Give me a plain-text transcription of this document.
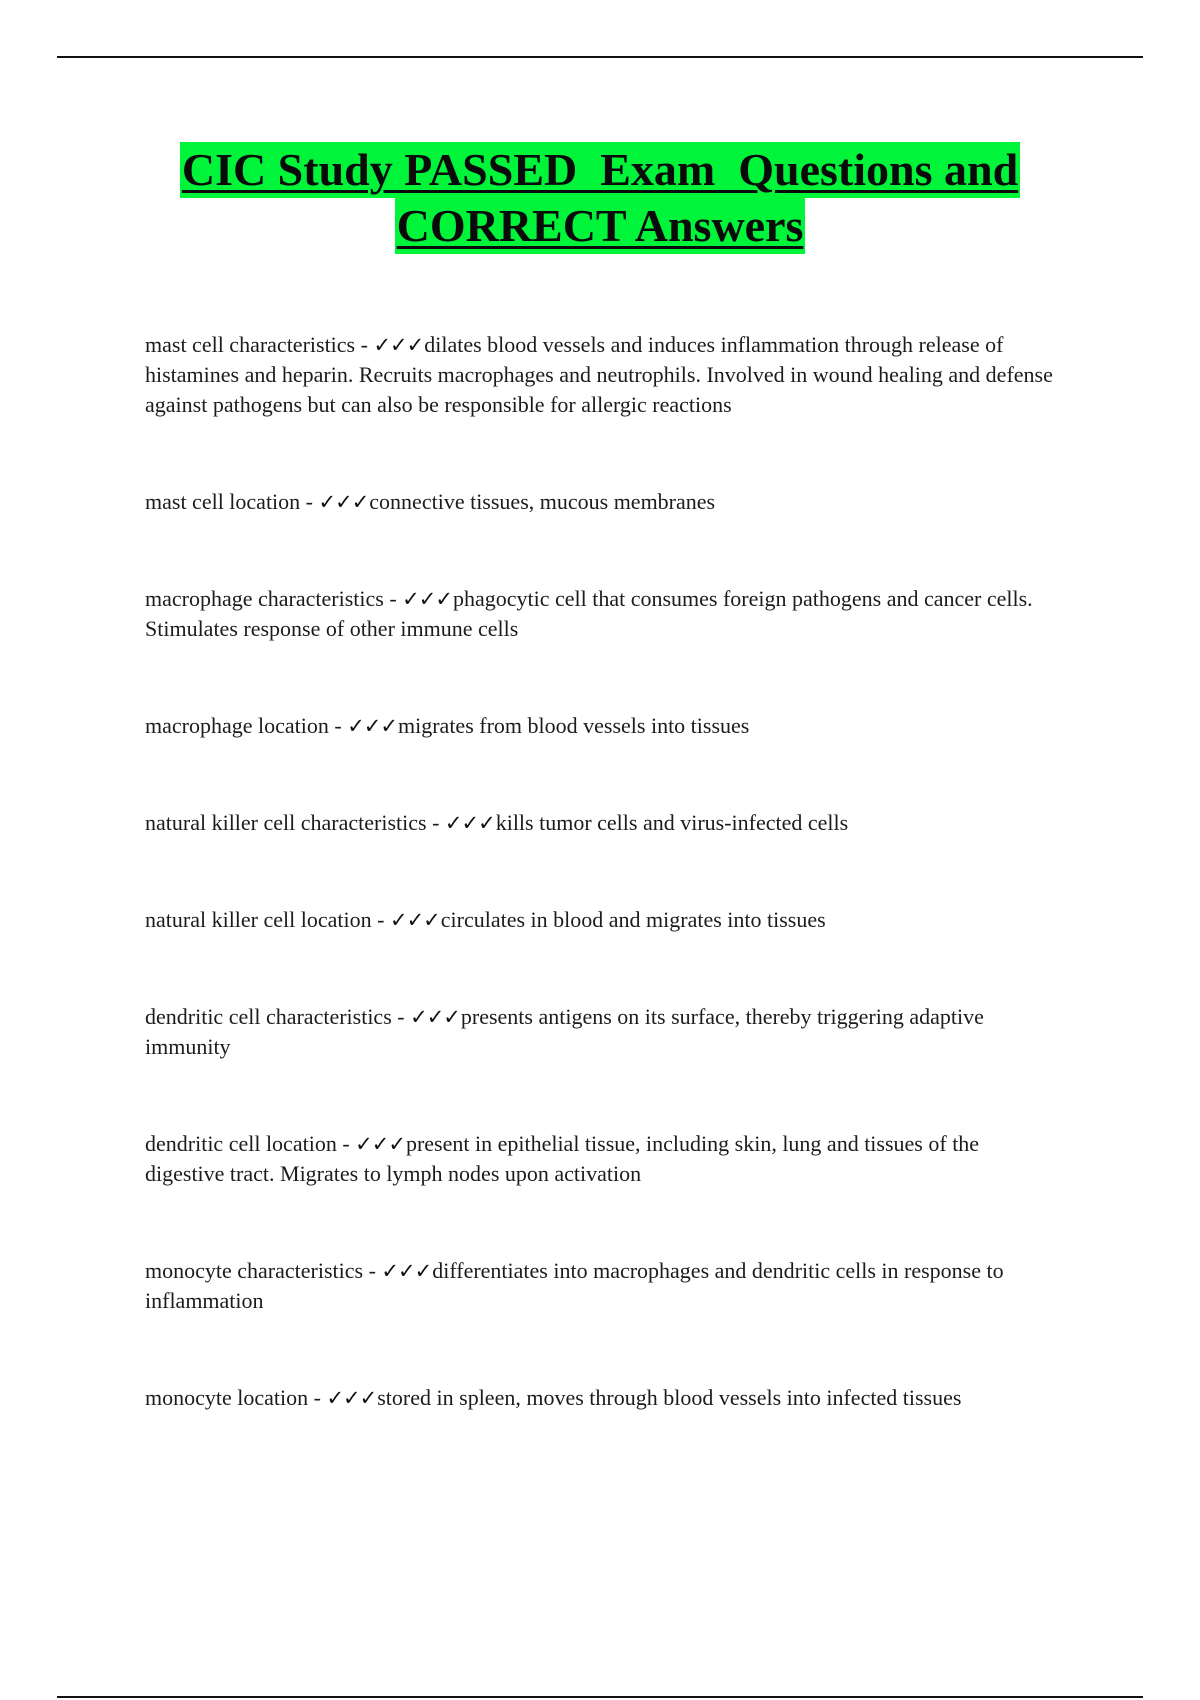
CIC Study PASSED  Exam  Questions and
CORRECT Answers
mast cell characteristics - ✓✓✓dilates blood vessels and induces inflammation through release of histamines and heparin. Recruits macrophages and neutrophils. Involved in wound healing and defense against pathogens but can also be responsible for allergic reactions
mast cell location - ✓✓✓connective tissues, mucous membranes
macrophage characteristics - ✓✓✓phagocytic cell that consumes foreign pathogens and cancer cells. Stimulates response of other immune cells
macrophage location - ✓✓✓migrates from blood vessels into tissues
natural killer cell characteristics - ✓✓✓kills tumor cells and virus-infected cells
natural killer cell location - ✓✓✓circulates in blood and migrates into tissues
dendritic cell characteristics - ✓✓✓presents antigens on its surface, thereby triggering adaptive immunity
dendritic cell location - ✓✓✓present in epithelial tissue, including skin, lung and tissues of the digestive tract. Migrates to lymph nodes upon activation
monocyte characteristics - ✓✓✓differentiates into macrophages and dendritic cells in response to inflammation
monocyte location - ✓✓✓stored in spleen, moves through blood vessels into infected tissues
